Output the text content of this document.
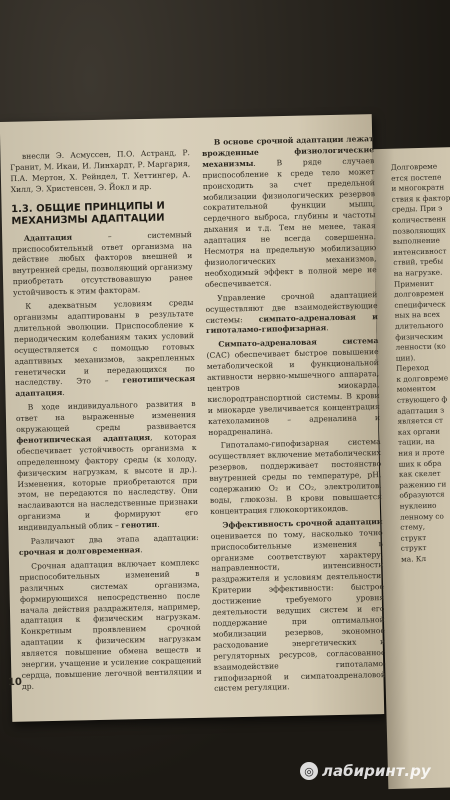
внесли Э. Асмуссен, П.О. Астранд, Р. Гранит, М. Икаи, И. Линхардт, Р. Маргария, П.А. Мертон, Х. Рейндел, Т. Хеттингер, А. Хилл, Э. Христенсен, Э. Йокл и др.

1.3. ОБЩИЕ ПРИНЦИПЫ И МЕХАНИЗМЫ АДАПТАЦИИ

Адаптация – системный приспособительный ответ организма на действие любых факторов внешней и внутренней среды, позволяющий организму приобретать отсутствовавшую ранее устойчивость к этим факторам.

К адекватным условиям среды организмы адаптированы в результате длительной эволюции. Приспособление к периодическим колебаниям таких условий осуществляется с помощью готовых адаптивных механизмов, закрепленных генетически и передающихся по наследству. Это – генотипическая адаптация.

В ходе индивидуального развития в ответ на выраженные изменения окружающей среды развивается фенотипическая адаптация, которая обеспечивает устойчивость организма к определенному фактору среды (к холоду, физическим нагрузкам, к высоте и др.). Изменения, которые приобретаются при этом, не передаются по наследству. Они наслаиваются на наследственные признаки организма и формируют его индивидуальный облик – генотип.

Различают два этапа адаптации: срочная и долговременная.

Срочная адаптация включает комплекс приспособительных изменений в различных системах организма, формирующихся непосредственно после начала действия раздражителя, например, адаптация к физическим нагрузкам. Конкретным проявлением срочной адаптации к физическим нагрузкам является повышение обмена веществ и энергии, учащение и усиление сокращений сердца, повышение легочной вентиляции и др.

В основе срочной адаптации лежат врожденные физиологические механизмы. В ряде случаев приспособление к среде тело может происходить за счет предельной мобилизации физиологических резервов сократительной функции мышц, сердечного выброса, глубины и частоты дыхания и т.д. Тем не менее, такая адаптация не всегда совершенна. Несмотря на предельную мобилизацию физиологических механизмов, необходимый эффект в полной мере не обеспечивается.

Управление срочной адаптацией осуществляют две взаимодействующие системы: симпато-адреналовая и гипоталамо-гипофизарная.

Симпато-адреналовая система (САС) обеспечивает быстрое повышение метаболической и функциональной активности нервно-мышечного аппарата, центров миокарда, кислородтранспортной системы. В крови и миокарде увеличивается концентрация катехоламинов – адреналина и норадреналина.

Гипоталамо-гипофизарная система осуществляет включение метаболических резервов, поддерживает постоянство внутренней среды по температуре, pH, содержанию O₂ и CO₂, электролитов, воды, глюкозы. В крови повышается концентрация глюкокортикоидов.

Эффективность срочной адаптации оценивается по тому, насколько точно приспособительные изменения в организме соответствуют характеру, направленности, интенсивности раздражителя и условиям деятельности. Критерии эффективности: быстрое достижение требуемого уровня деятельности ведущих систем и его поддержание при оптимальной мобилизации резервов, экономное расходование энергетических и регуляторных ресурсов, согласованное взаимодействие гипоталамо-гипофизарной и симпатоадреналовой систем регуляции.

Долговреме
ется постепе
и многократн
ствия к фактор
среды. При э
количественн
позволяющих
выполнение
интенсивност
ствий, требы
на нагрузке.
Применит
долговремен
специфическ
ных на всех
длительного
физическим
ленности (ко
ции).
Переход
к долговреме
моментом
ствующего ф
адаптация з
является ст
ках органи
тации, на
ния и проте
ших к обра
как скелет
ражению ги
образуются
нуклеино
ленному со
стему,
структ
структ
ма. Кл
10
◎ лабиринт.ру
